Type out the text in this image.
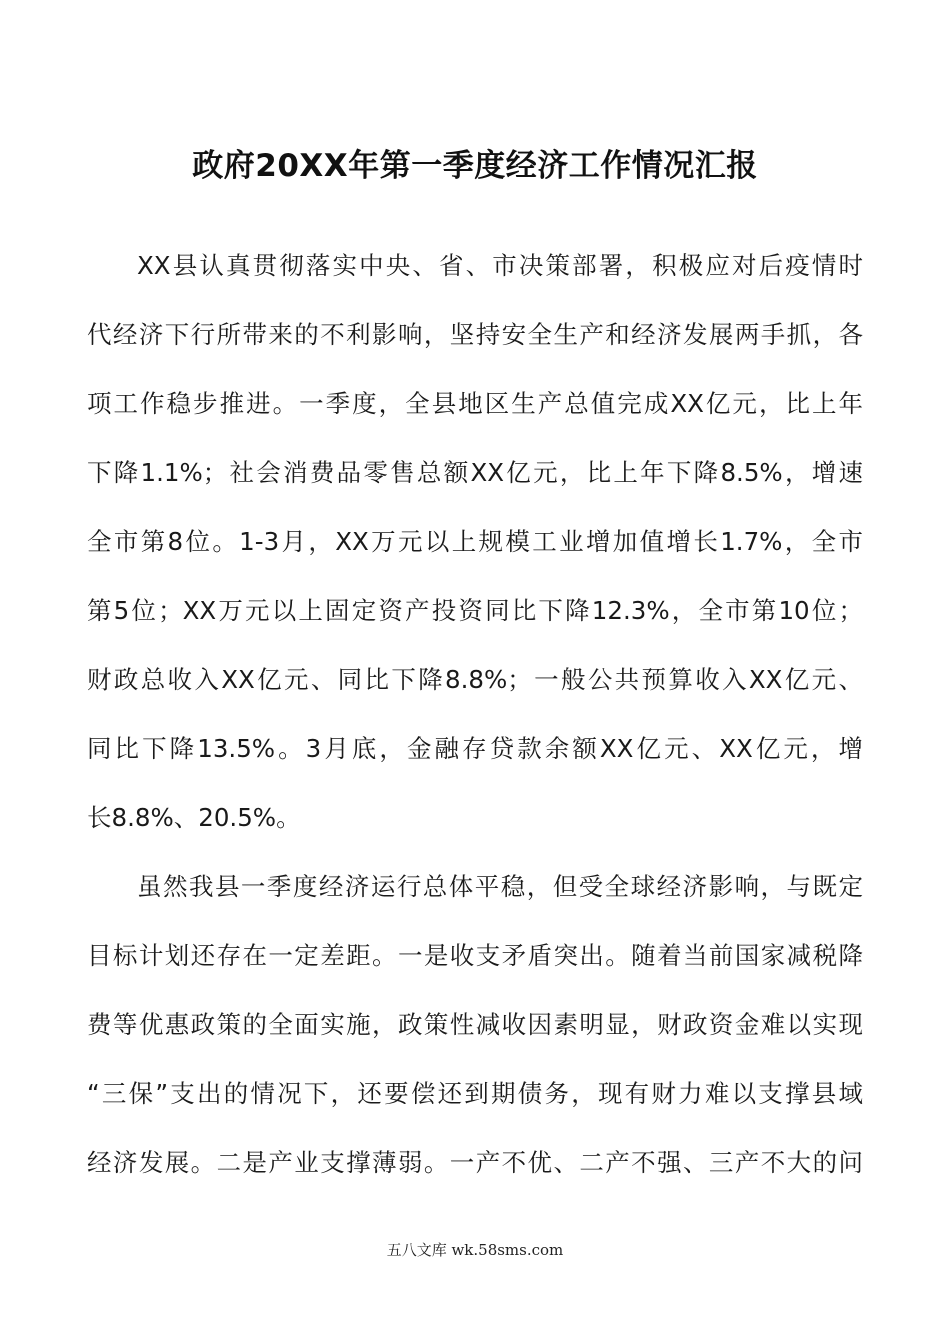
政府20XX年第一季度经济工作情况汇报
XX县认真贯彻落实中央、省、市决策部署，积极应对后疫情时
代经济下行所带来的不利影响，坚持安全生产和经济发展两手抓，各
项工作稳步推进。一季度，全县地区生产总值完成XX亿元，比上年
下降1.1%；社会消费品零售总额XX亿元，比上年下降8.5%，增速
全市第8位。1-3月，XX万元以上规模工业增加值增长1.7%，全市
第5位；XX万元以上固定资产投资同比下降12.3%，全市第10位；
财政总收入XX亿元、同比下降8.8%；一般公共预算收入XX亿元、
同比下降13.5%。3月底，金融存贷款余额XX亿元、XX亿元，增
长8.8%、20.5%。
虽然我县一季度经济运行总体平稳，但受全球经济影响，与既定
目标计划还存在一定差距。一是收支矛盾突出。随着当前国家减税降
费等优惠政策的全面实施，政策性减收因素明显，财政资金难以实现
“三保”支出的情况下，还要偿还到期债务，现有财力难以支撑县域
经济发展。二是产业支撑薄弱。一产不优、二产不强、三产不大的问
五八文库 wk.58sms.com
